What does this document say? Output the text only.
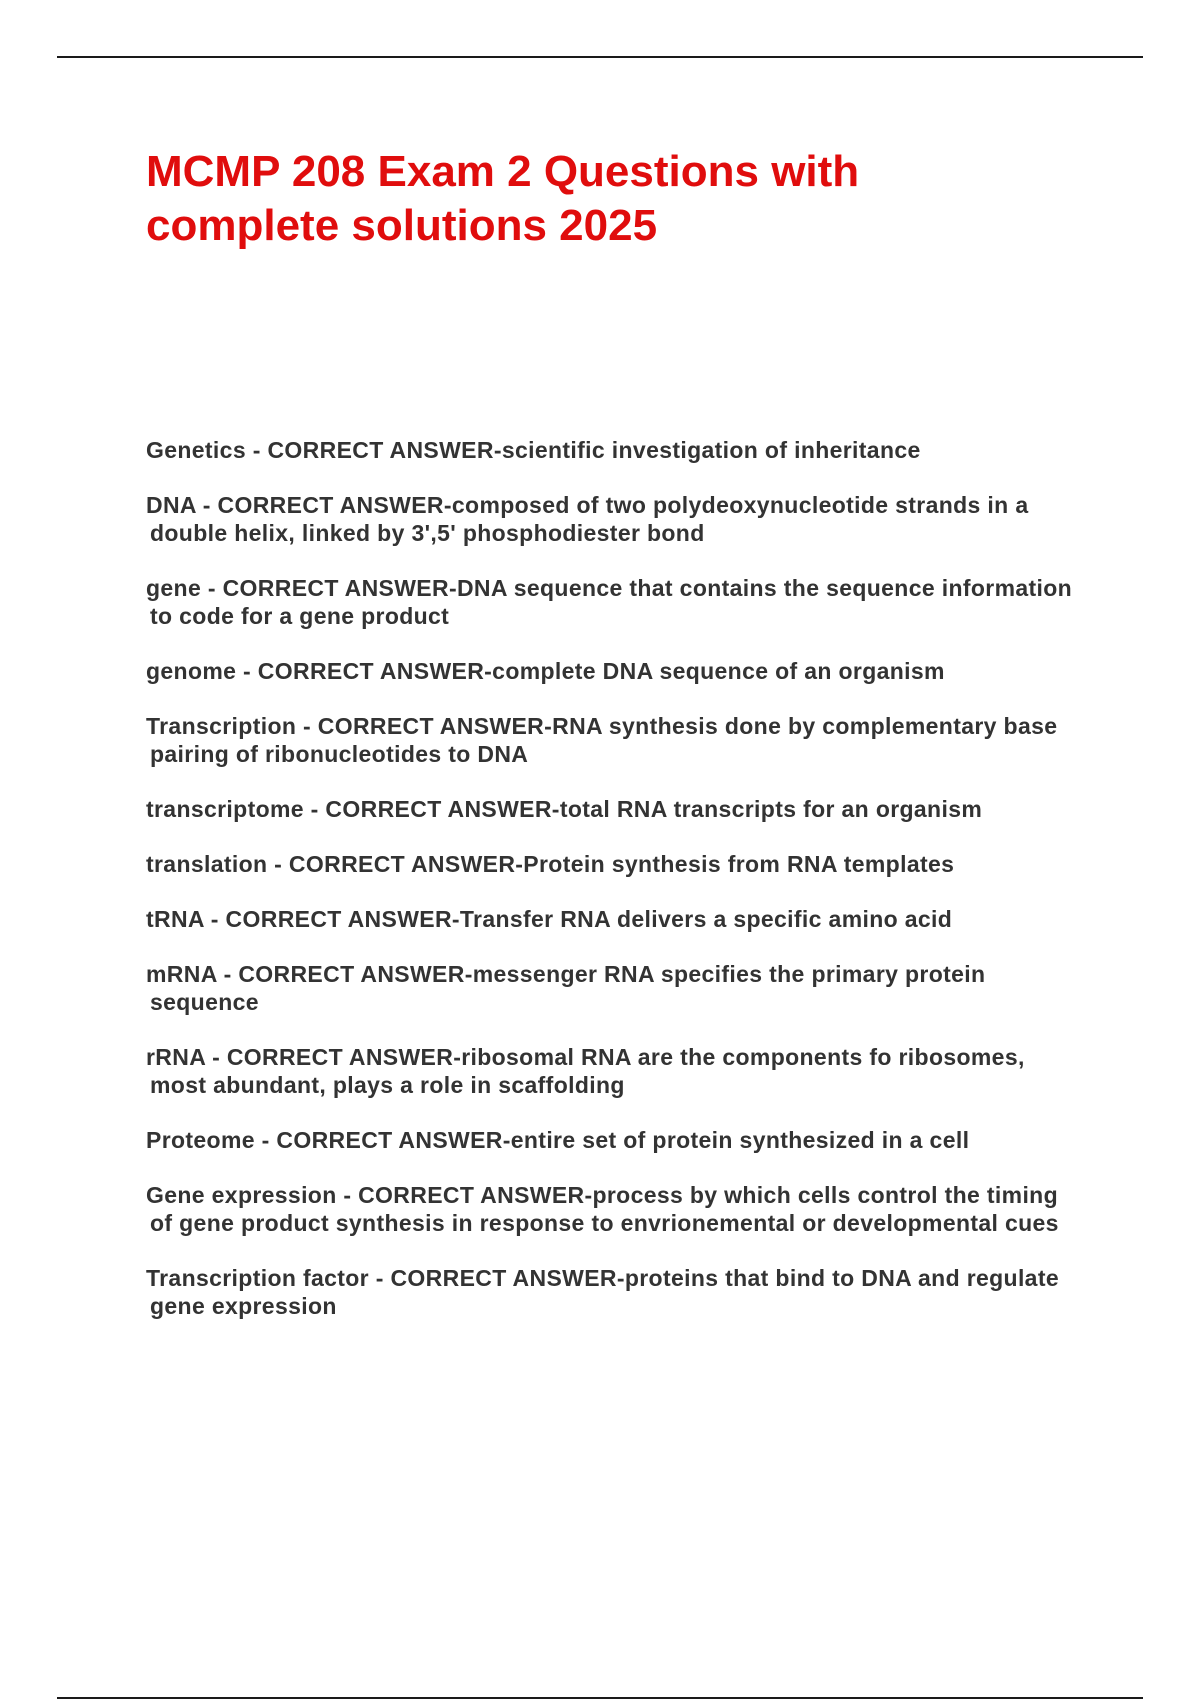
MCMP 208 Exam 2 Questions with complete solutions 2025
Genetics - CORRECT ANSWER-scientific investigation of inheritance
DNA - CORRECT ANSWER-composed of two polydeoxynucleotide strands in a double helix, linked by 3',5' phosphodiester bond
gene - CORRECT ANSWER-DNA sequence that contains the sequence information to code for a gene product
genome - CORRECT ANSWER-complete DNA sequence of an organism
Transcription - CORRECT ANSWER-RNA synthesis done by complementary base pairing of ribonucleotides to DNA
transcriptome - CORRECT ANSWER-total RNA transcripts for an organism
translation - CORRECT ANSWER-Protein synthesis from RNA templates
tRNA - CORRECT ANSWER-Transfer RNA delivers a specific amino acid
mRNA - CORRECT ANSWER-messenger RNA specifies the primary protein sequence
rRNA - CORRECT ANSWER-ribosomal RNA are the components fo ribosomes, most abundant, plays a role in scaffolding
Proteome - CORRECT ANSWER-entire set of protein synthesized in a cell
Gene expression - CORRECT ANSWER-process by which cells control the timing of gene product synthesis in response to envrionemental or developmental cues
Transcription factor - CORRECT ANSWER-proteins that bind to DNA and regulate gene expression
